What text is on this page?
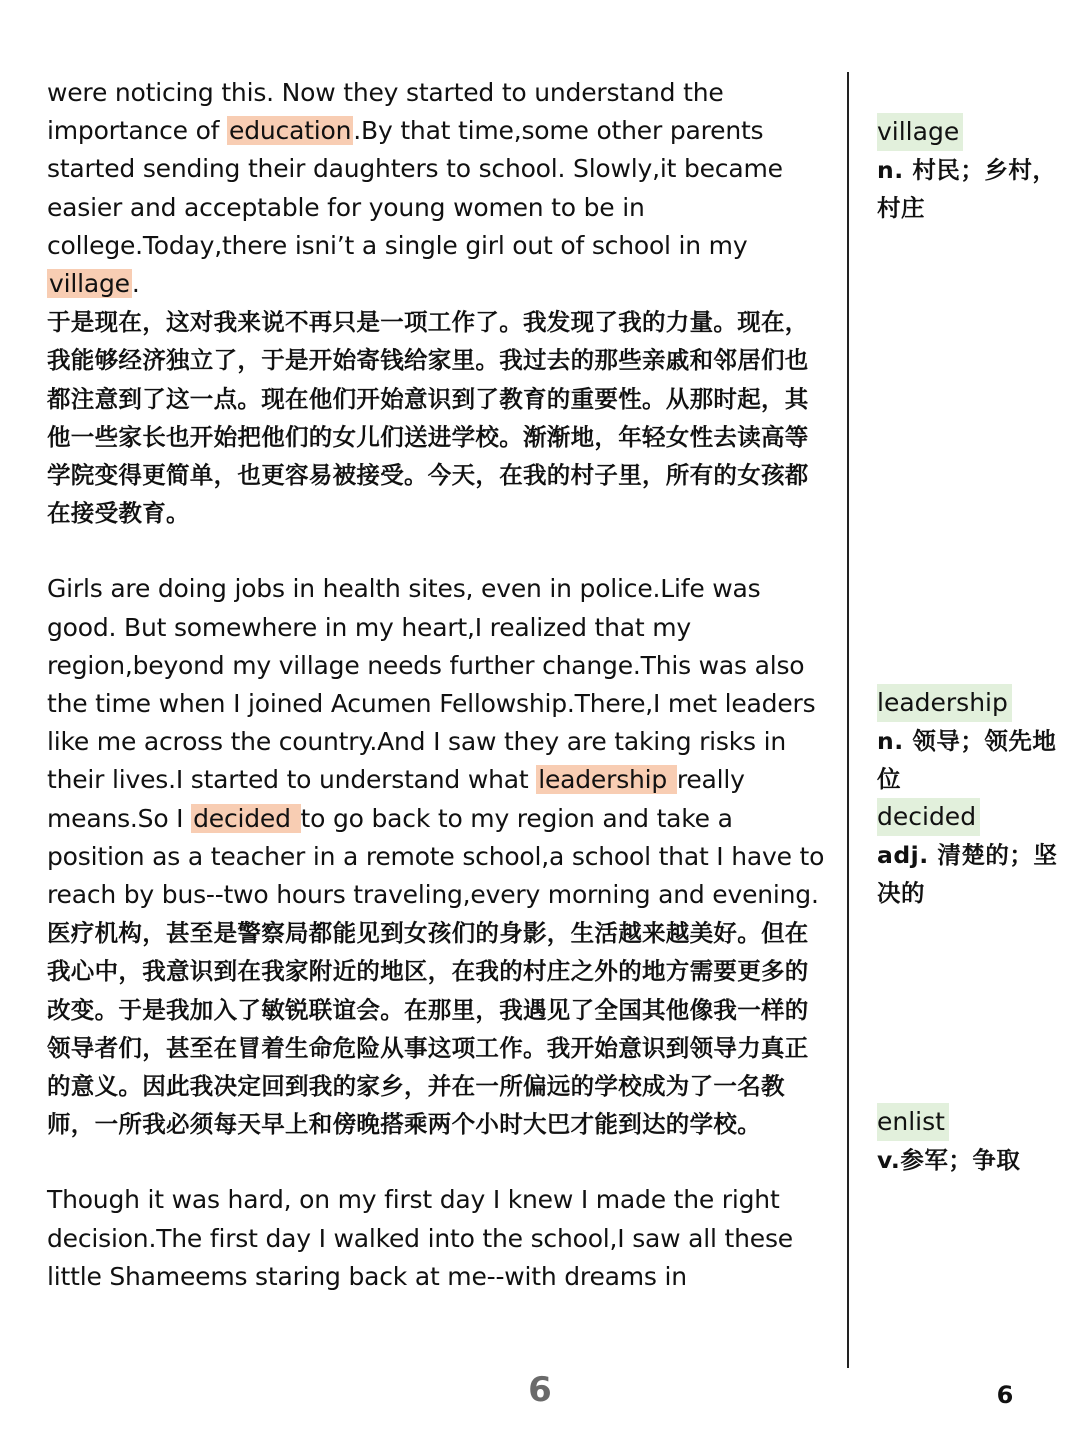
were noticing this. Now they started to understand the importance of education.By that time,some other parents started sending their daughters to school. Slowly,it became easier and acceptable for young women to be in college.Today,there isni’t a single girl out of school in my village.

于是现在，这对我来说不再只是一项工作了。我发现了我的力量。现在，我能够经济独立了，于是开始寄钱给家里。我过去的那些亲戚和邻居们也都注意到了这一点。现在他们开始意识到了教育的重要性。从那时起，其他一些家长也开始把他们的女儿们送进学校。渐渐地，年轻女性去读高等学院变得更简单，也更容易被接受。今天，在我的村子里，所有的女孩都在接受教育。

Girls are doing jobs in health sites, even in police.Life was good. But somewhere in my heart,I realized that my region,beyond my village needs further change.This was also the time when I joined Acumen Fellowship.There,I met leaders like me across the country.And I saw they are taking risks in their lives.I started to understand what leadership really means.So I decided to go back to my region and take a position as a teacher in a remote school,a school that I have to reach by bus--two hours traveling,every morning and evening.

医疗机构，甚至是警察局都能见到女孩们的身影，生活越来越美好。但在我心中，我意识到在我家附近的地区，在我的村庄之外的地方需要更多的改变。于是我加入了敏锐联谊会。在那里，我遇见了全国其他像我一样的领导者们，甚至在冒着生命危险从事这项工作。我开始意识到领导力真正的意义。因此我决定回到我的家乡，并在一所偏远的学校成为了一名教师，一所我必须每天早上和傍晚搭乘两个小时大巴才能到达的学校。

Though it was hard, on my first day I knew I made the right decision.The first day I walked into the school,I saw all these little Shameems staring back at me--with dreams in

village
n. 村民；乡村，村庄
leadership
n. 领导；领先地位
decided
adj. 清楚的；坚决的
enlist
v.参军；争取
6	6
